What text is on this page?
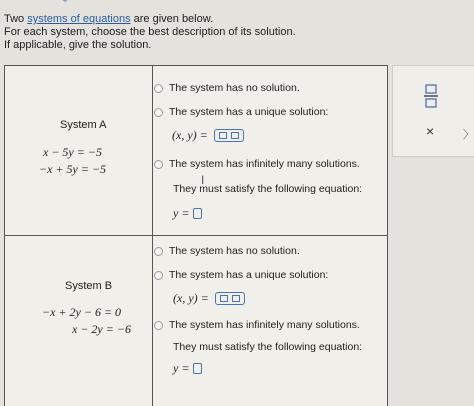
Two systems of equations are given below.
For each system, choose the best description of its solution.
If applicable, give the solution.
System A
x − 5y = −5
−x + 5y = −5
The system has no solution.
The system has a unique solution:
(x, y) =
The system has infinitely many solutions.
They must satisfy the following equation:
y =
System B
−x + 2y − 6 = 0
x − 2y = −6
The system has no solution.
The system has a unique solution:
(x, y) =
The system has infinitely many solutions.
They must satisfy the following equation:
y =
I
×	〉
